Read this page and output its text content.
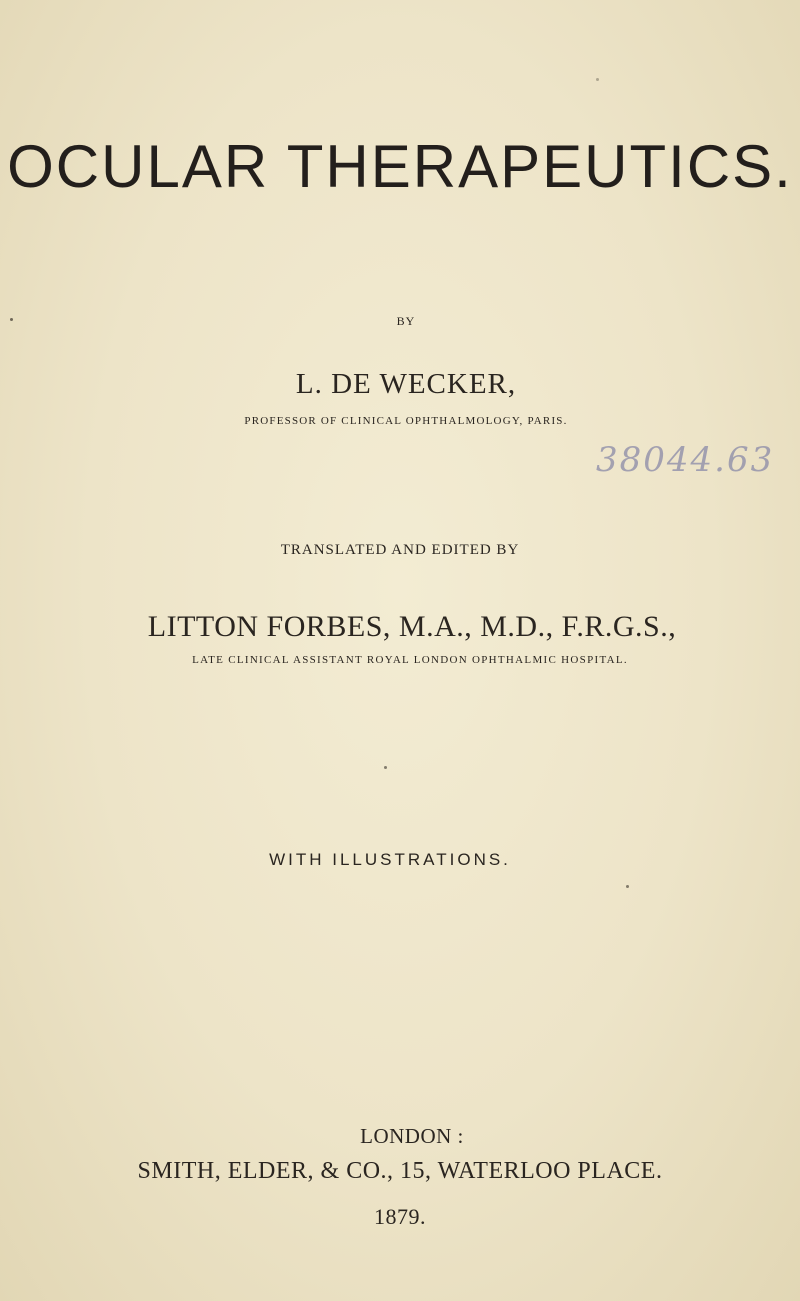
OCULAR THERAPEUTICS.
BY
L. DE WECKER,
PROFESSOR OF CLINICAL OPHTHALMOLOGY, PARIS.
38044.63
TRANSLATED AND EDITED BY
LITTON FORBES, M.A., M.D., F.R.G.S.,
LATE CLINICAL ASSISTANT ROYAL LONDON OPHTHALMIC HOSPITAL.
WITH ILLUSTRATIONS.
LONDON :
SMITH, ELDER, & CO., 15, WATERLOO PLACE.
1879.
